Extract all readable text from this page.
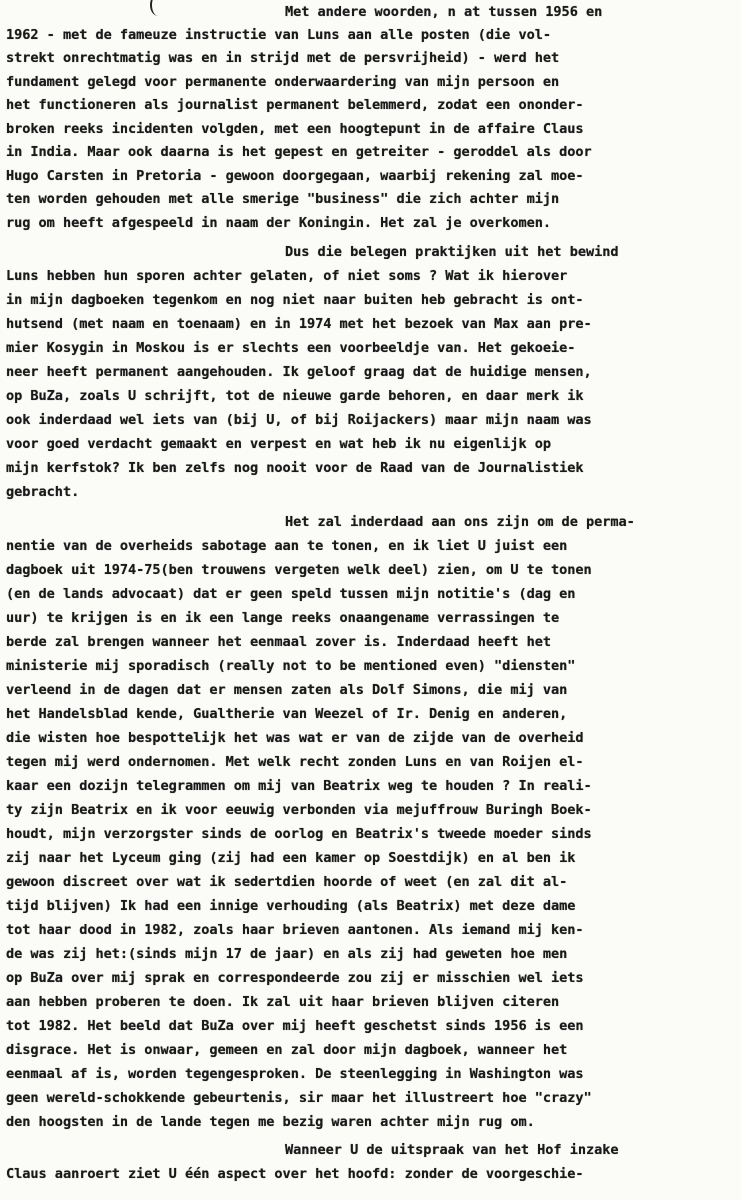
Met andere woorden, n at tussen 1956 en
1962 - met de fameuze instructie van Luns aan alle posten (die vol-
strekt onrechtmatig was en in strijd met de persvrijheid) - werd het
fundament gelegd voor permanente onderwaardering van mijn persoon en
het functioneren als journalist permanent belemmerd, zodat een ononder-
broken reeks incidenten volgden, met een hoogtepunt in de affaire Claus
in India. Maar ook daarna is het gepest en getreiter - geroddel als door
Hugo Carsten in Pretoria - gewoon doorgegaan, waarbij rekening zal moe-
ten worden gehouden met alle smerige "business" die zich achter mijn
rug om heeft afgespeeld in naam der Koningin. Het zal je overkomen.
Dus die belegen praktijken uit het bewind
Luns hebben hun sporen achter gelaten, of niet soms ? Wat ik hierover
in mijn dagboeken tegenkom en nog niet naar buiten heb gebracht is ont-
hutsend (met naam en toenaam) en in 1974 met het bezoek van Max aan pre-
mier Kosygin in Moskou is er slechts een voorbeeldje van. Het gekoeie-
neer heeft permanent aangehouden. Ik geloof graag dat de huidige mensen,
op BuZa, zoals U schrijft, tot de nieuwe garde behoren, en daar merk ik
ook inderdaad wel iets van (bij U, of bij Roijackers) maar mijn naam was
voor goed verdacht gemaakt en verpest en wat heb ik nu eigenlijk op
mijn kerfstok? Ik ben zelfs nog nooit voor de Raad van de Journalistiek
gebracht.
Het zal inderdaad aan ons zijn om de perma-
nentie van de overheids sabotage aan te tonen, en ik liet U juist een
dagboek uit 1974-75(ben trouwens vergeten welk deel) zien, om U te tonen
(en de lands advocaat) dat er geen speld tussen mijn notitie's (dag en
uur) te krijgen is en ik een lange reeks onaangename verrassingen te
berde zal brengen wanneer het eenmaal zover is. Inderdaad heeft het
ministerie mij sporadisch (really not to be mentioned even) "diensten"
verleend in de dagen dat er mensen zaten als Dolf Simons, die mij van
het Handelsblad kende, Gualtherie van Weezel of Ir. Denig en anderen,
die wisten hoe bespottelijk het was wat er van de zijde van de overheid
tegen mij werd ondernomen. Met welk recht zonden Luns en van Roijen el-
kaar een dozijn telegrammen om mij van Beatrix weg te houden ? In reali-
ty zijn Beatrix en ik voor eeuwig verbonden via mejuffrouw Buringh Boek-
houdt, mijn verzorgster sinds de oorlog en Beatrix's tweede moeder sinds
zij naar het Lyceum ging (zij had een kamer op Soestdijk) en al ben ik
gewoon discreet over wat ik sedertdien hoorde of weet (en zal dit al-
tijd blijven) Ik had een innige verhouding (als Beatrix) met deze dame
tot haar dood in 1982, zoals haar brieven aantonen. Als iemand mij ken-
de was zij het:(sinds mijn 17 de jaar) en als zij had geweten hoe men
op BuZa over mij sprak en correspondeerde zou zij er misschien wel iets
aan hebben proberen te doen. Ik zal uit haar brieven blijven citeren
tot 1982. Het beeld dat BuZa over mij heeft geschetst sinds 1956 is een
disgrace. Het is onwaar, gemeen en zal door mijn dagboek, wanneer het
eenmaal af is, worden tegengesproken. De steenlegging in Washington was
geen wereld-schokkende gebeurtenis, sir maar het illustreert hoe "crazy"
den hoogsten in de lande tegen me bezig waren achter mijn rug om.
Wanneer U de uitspraak van het Hof inzake
Claus aanroert ziet U één aspect over het hoofd: zonder de voorgeschie-
